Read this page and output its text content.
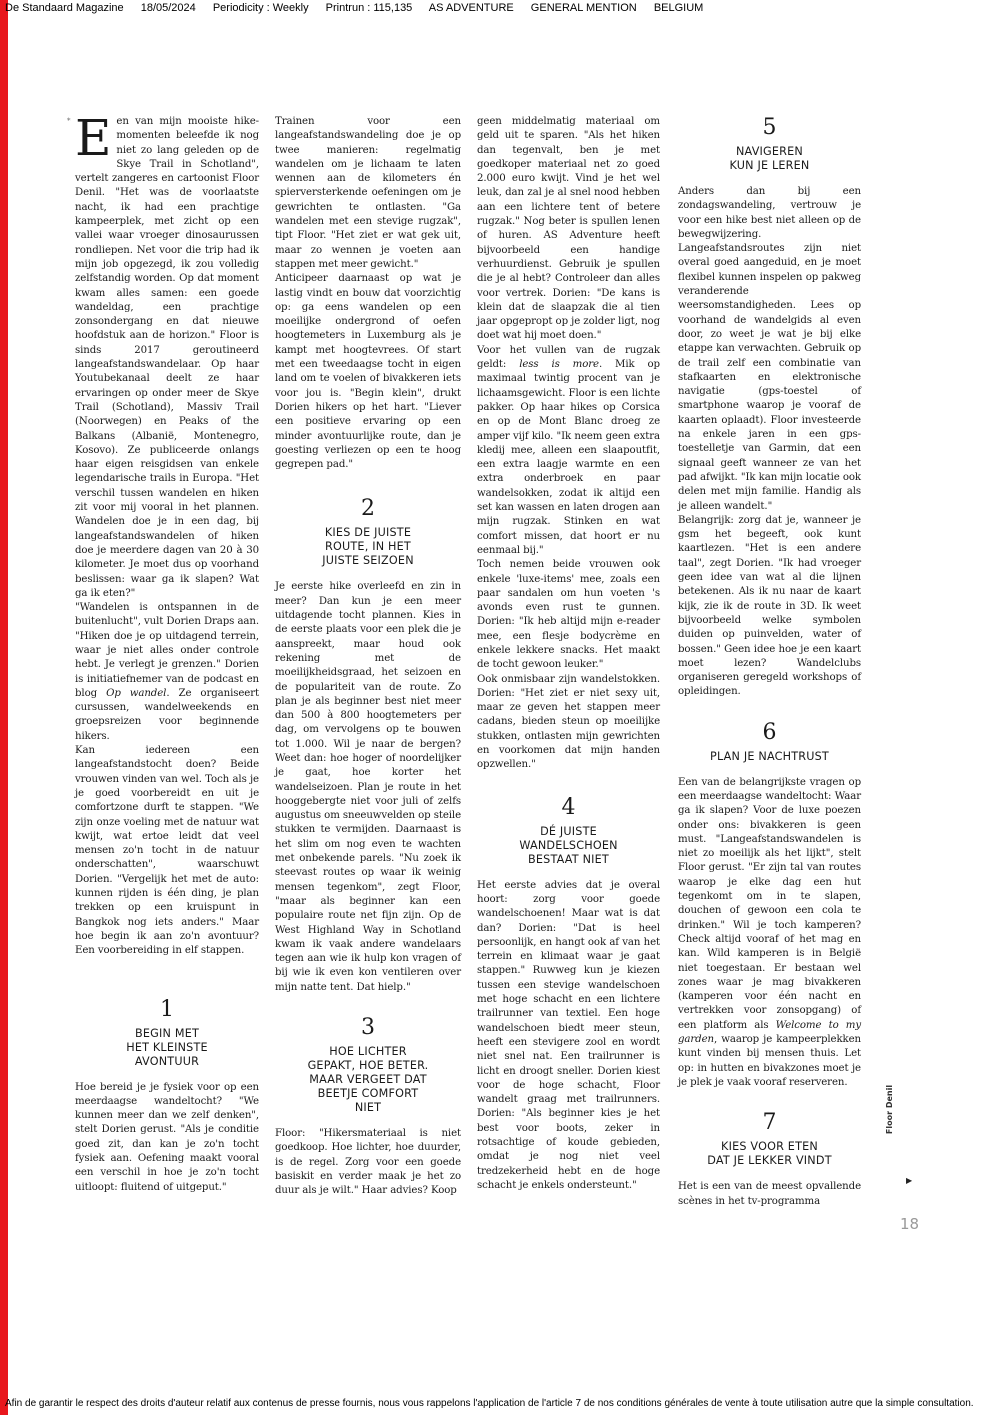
De Standaard Magazine 18/05/2024 Periodicity : Weekly Printrun : 115,135 AS ADVENTURE GENERAL MENTION BELGIUM
* Een van mijn mooiste hike-momenten beleefde ik nog niet zo lang geleden op de Skye Trail in Schotland", vertelt zangeres en cartoonist Floor Denil. "Het was de voorlaatste nacht, ik had een prachtige kampeerplek, met zicht op een vallei waar vroeger dinosaurussen rondliepen. Net voor die trip had ik mijn job opgezegd, ik zou volledig zelfstandig worden. Op dat moment kwam alles samen: een goede wandeldag, een prachtige zonsondergang en dat nieuwe hoofdstuk aan de horizon." Floor is sinds 2017 geroutineerd langeafstandswandelaar. Op haar Youtubekanaal deelt ze haar ervaringen op onder meer de Skye Trail (Schotland), Massiv Trail (Noorwegen) en Peaks of the Balkans (Albanië, Montenegro, Kosovo). Ze publiceerde onlangs haar eigen reisgidsen van enkele legendarische trails in Europa. "Het verschil tussen wandelen en hiken zit voor mij vooral in het plannen. Wandelen doe je in een dag, bij langeafstandswandelen of hiken doe je meerdere dagen van 20 à 30 kilometer. Je moet dus op voorhand beslissen: waar ga ik slapen? Wat ga ik eten?"

"Wandelen is ontspannen in de buitenlucht", vult Dorien Draps aan. "Hiken doe je op uitdagend terrein, waar je niet alles onder controle hebt. Je verlegt je grenzen." Dorien is initiatiefnemer van de podcast en blog Op wandel. Ze organiseert cursussen, wandelweekends en groepsreizen voor beginnende hikers.

Kan iedereen een langeafstandstocht doen? Beide vrouwen vinden van wel. Toch als je je goed voorbereidt en uit je comfortzone durft te stappen. "We zijn onze voeling met de natuur wat kwijt, wat ertoe leidt dat veel mensen zo'n tocht in de natuur onderschatten", waarschuwt Dorien. "Vergelijk het met de auto: kunnen rijden is één ding, je plan trekken op een kruispunt in Bangkok nog iets anders." Maar hoe begin ik aan zo'n avontuur? Een voorbereiding in elf stappen.

1
BEGIN MET
HET KLEINSTE
AVONTUUR

Hoe bereid je je fysiek voor op een meerdaagse wandeltocht? "We kunnen meer dan we zelf denken", stelt Dorien gerust. "Als je conditie goed zit, dan kan je zo'n tocht fysiek aan. Oefening maakt vooral een verschil in hoe je zo'n tocht uitloopt: fluitend of uitgeput."

Trainen voor een langeafstandswandeling doe je op twee manieren: regelmatig wandelen om je lichaam te laten wennen aan de kilometers én spierversterkende oefeningen om je gewrichten te ontlasten. "Ga wandelen met een stevige rugzak", tipt Floor. "Het ziet er wat gek uit, maar zo wennen je voeten aan stappen met meer gewicht."

Anticipeer daarnaast op wat je lastig vindt en bouw dat voorzichtig op: ga eens wandelen op een moeilijke ondergrond of oefen hoogtemeters in Luxemburg als je kampt met hoogtevrees. Of start met een tweedaagse tocht in eigen land om te voelen of bivakkeren iets voor jou is. "Begin klein", drukt Dorien hikers op het hart. "Liever een positieve ervaring op een minder avontuurlijke route, dan je goesting verliezen op een te hoog gegrepen pad."

2
KIES DE JUISTE
ROUTE, IN HET
JUISTE SEIZOEN

Je eerste hike overleefd en zin in meer? Dan kun je een meer uitdagende tocht plannen. Kies in de eerste plaats voor een plek die je aanspreekt, maar houd ook rekening met de moeilijkheidsgraad, het seizoen en de populariteit van de route. Zo plan je als beginner best niet meer dan 500 à 800 hoogtemeters per dag, om vervolgens op te bouwen tot 1.000. Wil je naar de bergen? Weet dan: hoe hoger of noordelijker je gaat, hoe korter het wandelseizoen. Plan je route in het hooggebergte niet voor juli of zelfs augustus om sneeuwvelden op steile stukken te vermijden. Daarnaast is het slim om nog even te wachten met onbekende parels. "Nu zoek ik steevast routes op waar ik weinig mensen tegenkom", zegt Floor, "maar als beginner kan een populaire route net fijn zijn. Op de West Highland Way in Schotland kwam ik vaak andere wandelaars tegen aan wie ik hulp kon vragen of bij wie ik even kon ventileren over mijn natte tent. Dat hielp."

3
HOE LICHTER
GEPAKT, HOE BETER.
MAAR VERGEET DAT
BEETJE COMFORT
NIET

Floor: "Hikersmateriaal is niet goedkoop. Hoe lichter, hoe duurder, is de regel. Zorg voor een goede basiskit en verder maak je het zo duur als je wilt." Haar advies? Koop

geen middelmatig materiaal om geld uit te sparen. "Als het hiken dan tegenvalt, ben je met goedkoper materiaal net zo goed 2.000 euro kwijt. Vind je het wel leuk, dan zal je al snel nood hebben aan een lichtere tent of betere rugzak." Nog beter is spullen lenen of huren. AS Adventure heeft bijvoorbeeld een handige verhuurdienst. Gebruik je spullen die je al hebt? Controleer dan alles voor vertrek. Dorien: "De kans is klein dat de slaapzak die al tien jaar opgepropt op je zolder ligt, nog doet wat hij moet doen."

Voor het vullen van de rugzak geldt: less is more. Mik op maximaal twintig procent van je lichaamsgewicht. Floor is een lichte pakker. Op haar hikes op Corsica en op de Mont Blanc droeg ze amper vijf kilo. "Ik neem geen extra kledij mee, alleen een slaapoutfit, een extra laagje warmte en een extra onderbroek en paar wandelsokken, zodat ik altijd een set kan wassen en laten drogen aan mijn rugzak. Stinken en wat comfort missen, dat hoort er nu eenmaal bij."

Toch nemen beide vrouwen ook enkele 'luxe-items' mee, zoals een paar sandalen om hun voeten 's avonds even rust te gunnen. Dorien: "Ik heb altijd mijn e-reader mee, een flesje bodycrème en enkele lekkere snacks. Het maakt de tocht gewoon leuker."

Ook onmisbaar zijn wandelstokken. Dorien: "Het ziet er niet sexy uit, maar ze geven het stappen meer cadans, bieden steun op moeilijke stukken, ontlasten mijn gewrichten en voorkomen dat mijn handen opzwellen."

4
DÉ JUISTE
WANDELSCHOEN
BESTAAT NIET

Het eerste advies dat je overal hoort: zorg voor goede wandelschoenen! Maar wat is dat dan? Dorien: "Dat is heel persoonlijk, en hangt ook af van het terrein en klimaat waar je gaat stappen." Ruwweg kun je kiezen tussen een stevige wandelschoen met hoge schacht en een lichtere trailrunner van textiel. Een hoge wandelschoen biedt meer steun, heeft een stevigere zool en wordt niet snel nat. Een trailrunner is licht en droogt sneller. Dorien kiest voor de hoge schacht, Floor wandelt graag met trailrunners. Dorien: "Als beginner kies je het best voor boots, zeker in rotsachtige of koude gebieden, omdat je nog niet veel tredzekerheid hebt en de hoge schacht je enkels ondersteunt."

5
NAVIGEREN
KUN JE LEREN

Anders dan bij een zondagswandeling, vertrouw je voor een hike best niet alleen op de bewegwijzering. Langeafstandsroutes zijn niet overal goed aangeduid, en je moet flexibel kunnen inspelen op pakweg veranderende weersomstandigheden. Lees op voorhand de wandelgids al even door, zo weet je wat je bij elke etappe kan verwachten. Gebruik op de trail zelf een combinatie van stafkaarten en elektronische navigatie (gps-toestel of smartphone waarop je vooraf de kaarten oplaadt). Floor investeerde na enkele jaren in een gps-toestelletje van Garmin, dat een signaal geeft wanneer ze van het pad afwijkt. "Ik kan mijn locatie ook delen met mijn familie. Handig als je alleen wandelt."

Belangrijk: zorg dat je, wanneer je gsm het begeeft, ook kunt kaartlezen. "Het is een andere taal", zegt Dorien. "Ik had vroeger geen idee van wat al die lijnen betekenen. Als ik nu naar de kaart kijk, zie ik de route in 3D. Ik weet bijvoorbeeld welke symbolen duiden op puinvelden, water of bossen." Geen idee hoe je een kaart moet lezen? Wandelclubs organiseren geregeld workshops of opleidingen.

6
PLAN JE NACHTRUST

Een van de belangrijkste vragen op een meerdaagse wandeltocht: Waar ga ik slapen? Voor de luxe poezen onder ons: bivakkeren is geen must. "Langeafstandswandelen is niet zo moeilijk als het lijkt", stelt Floor gerust. "Er zijn tal van routes waarop je elke dag een hut tegenkomt om in te slapen, douchen of gewoon een cola te drinken." Wil je toch kamperen? Check altijd vooraf of het mag en kan. Wild kamperen is in België niet toegestaan. Er bestaan wel zones waar je mag bivakkeren (kamperen voor één nacht en vertrekken voor zonsopgang) of een platform als Welcome to my garden, waarop je kampeerplekken kunt vinden bij mensen thuis. Let op: in hutten en bivakzones moet je je plek je vaak vooraf reserveren.

7
KIES VOOR ETEN
DAT JE LEKKER VINDT

Het is een van de meest opvallende scènes in het tv-programma

Floor Denil
▶
18
Afin de garantir le respect des droits d'auteur relatif aux contenus de presse fournis, nous vous rappelons l'application de l'article 7 de nos conditions générales de vente à toute utilisation autre que la simple consultation.
